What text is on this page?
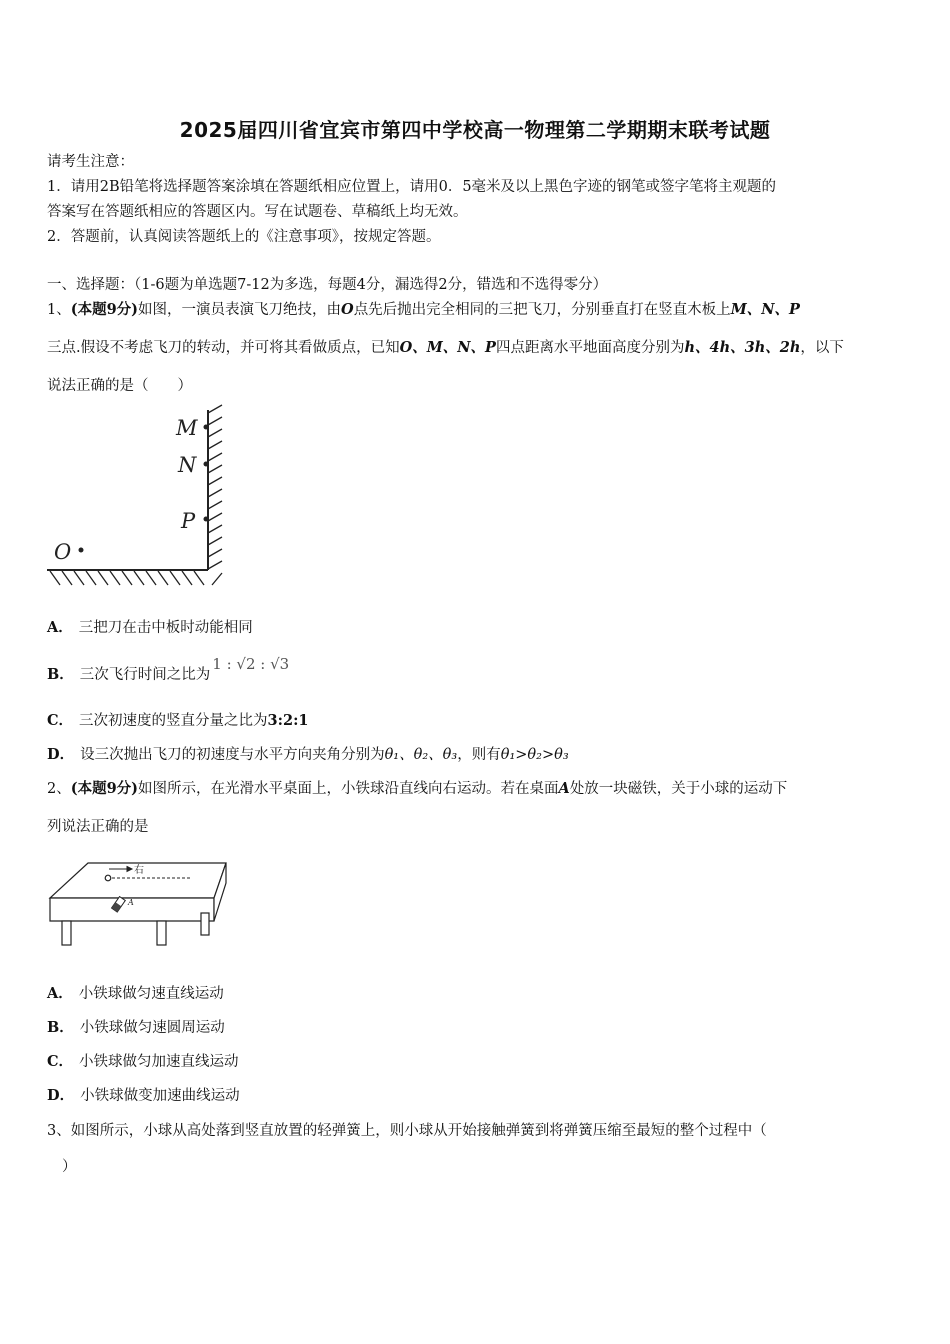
2025届四川省宜宾市第四中学校高一物理第二学期期末联考试题
请考生注意：
1．请用2B铅笔将选择题答案涂填在答题纸相应位置上，请用0．5毫米及以上黑色字迹的钢笔或签字笔将主观题的
答案写在答题纸相应的答题区内。写在试题卷、草稿纸上均无效。
2．答题前，认真阅读答题纸上的《注意事项》，按规定答题。
一、选择题：（1-6题为单选题7-12为多选，每题4分，漏选得2分，错选和不选得零分）
1、(本题9分)如图，一演员表演飞刀绝技，由O点先后抛出完全相同的三把飞刀，分别垂直打在竖直木板上M、N、P
三点.假设不考虑飞刀的转动，并可将其看做质点，已知O、M、N、P四点距离水平地面高度分别为h、4h、3h、2h，以下
说法正确的是（　　）
M
N
P
O
A． 三把刀在击中板时动能相同
B． 三次飞行时间之比为1 : √2 : √3
C． 三次初速度的竖直分量之比为3:2:1
D． 设三次抛出飞刀的初速度与水平方向夹角分别为θ₁、θ₂、θ₃，则有θ₁>θ₂>θ₃
2、(本题9分)如图所示，在光滑水平桌面上，小铁球沿直线向右运动。若在桌面A处放一块磁铁，关于小球的运动下
列说法正确的是
右
A
A． 小铁球做匀速直线运动
B． 小铁球做匀速圆周运动
C． 小铁球做匀加速直线运动
D． 小铁球做变加速曲线运动
3、如图所示，小球从高处落到竖直放置的轻弹簧上，则小球从开始接触弹簧到将弹簧压缩至最短的整个过程中（
）
